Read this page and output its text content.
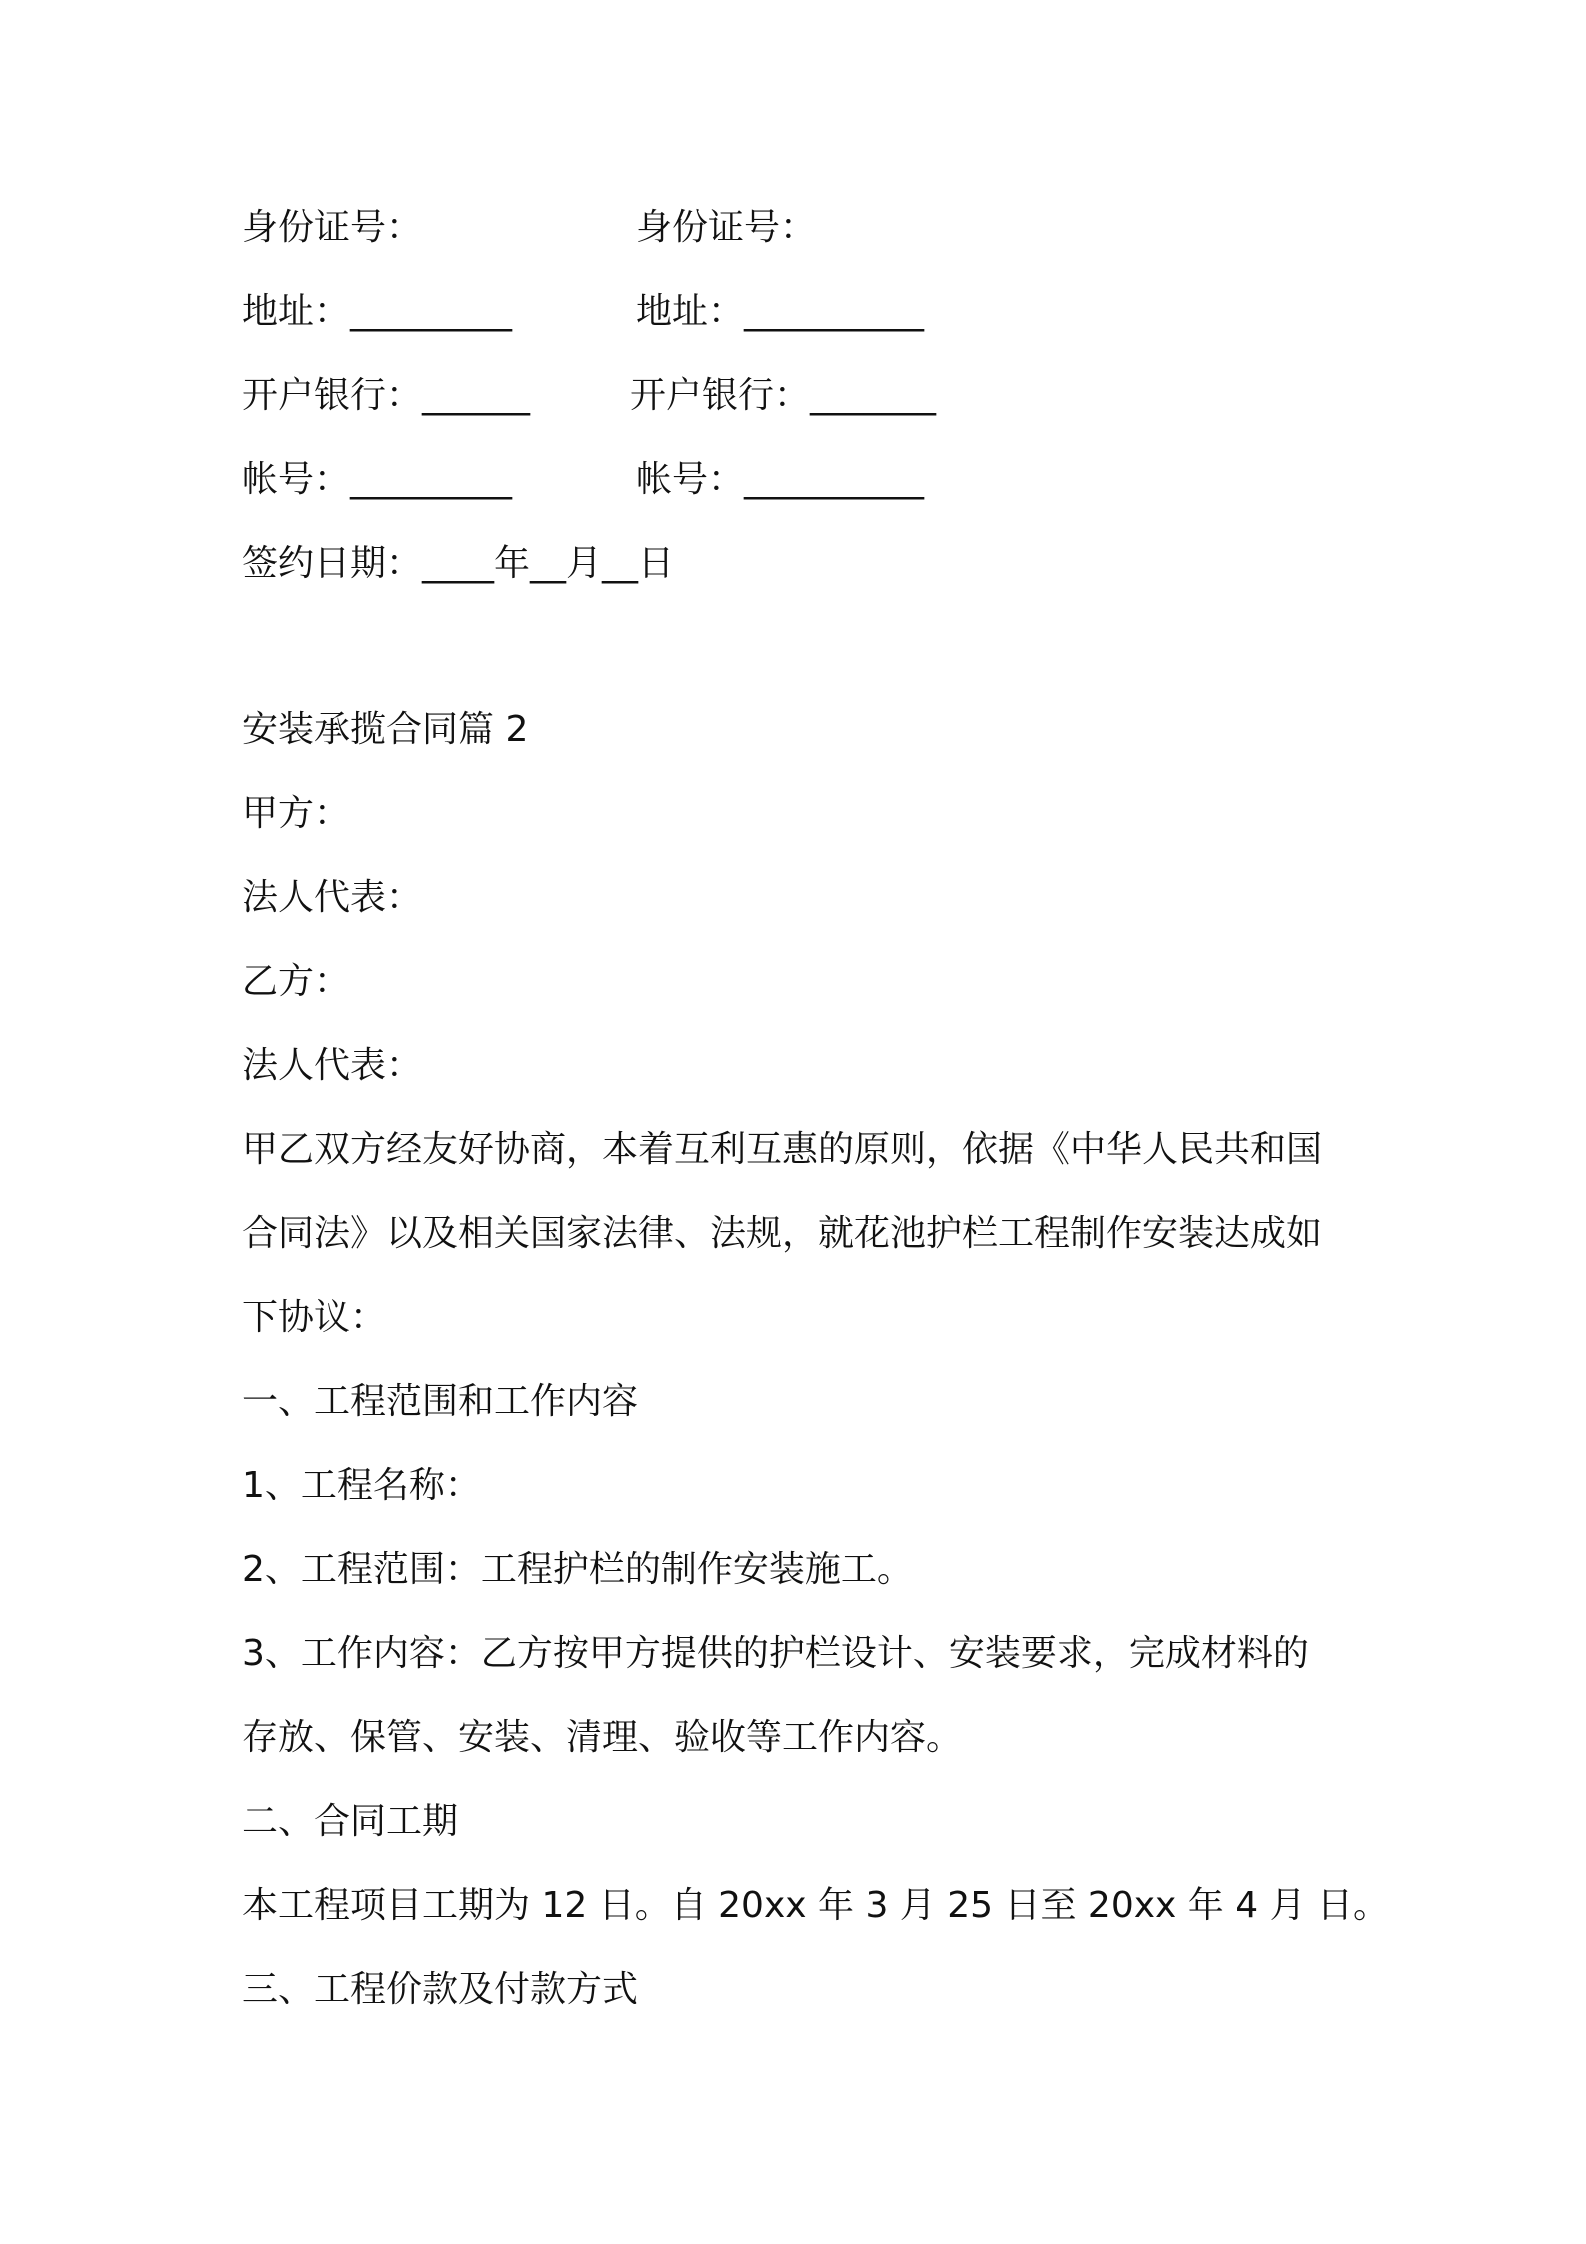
身份证号：	身份证号：
地址：_________	地址：__________
开户银行：______	开户银行：_______
帐号：_________	帐号：__________
签约日期：____年__月__日
安装承揽合同篇 2
甲方：
法人代表：
乙方：
法人代表：
甲乙双方经友好协商，本着互利互惠的原则，依据《中华人民共和国
合同法》以及相关国家法律、法规，就花池护栏工程制作安装达成如
下协议：
一、工程范围和工作内容
1、工程名称：
2、工程范围：工程护栏的制作安装施工。
3、工作内容：乙方按甲方提供的护栏设计、安装要求，完成材料的
存放、保管、安装、清理、验收等工作内容。
二、合同工期
本工程项目工期为 12 日。自 20xx 年 3 月 25 日至 20xx 年 4 月 日。
三、工程价款及付款方式
